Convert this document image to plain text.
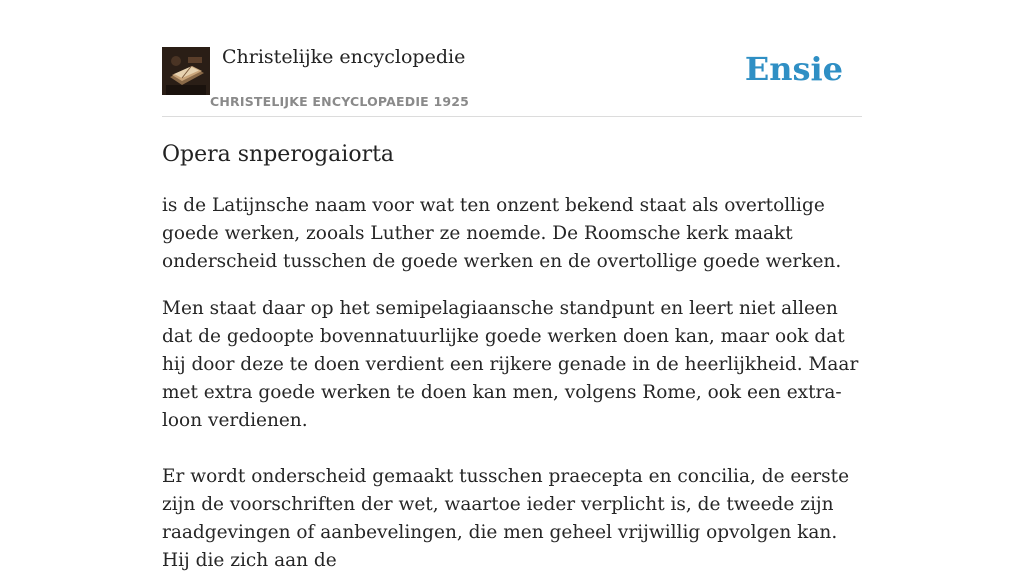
Christelijke encyclopedie
CHRISTELIJKE ENCYCLOPAEDIE 1925
Ensie
Opera snperogaiorta

is de Latijnsche naam voor wat ten onzent bekend staat als overtollige goede werken, zooals Luther ze noemde. De Roomsche kerk maakt onderscheid tusschen de goede werken en de overtollige goede werken.

Men staat daar op het semipelagiaansche standpunt en leert niet alleen dat de gedoopte bovennatuurlijke goede werken doen kan, maar ook dat hij door deze te doen verdient een rijkere genade in de heerlijkheid. Maar met extra goede werken te doen kan men, volgens Rome, ook een extra-loon verdienen.

Er wordt onderscheid gemaakt tusschen praecepta en concilia, de eerste zijn de voorschriften der wet, waartoe ieder verplicht is, de tweede zijn raadgevingen of aanbevelingen, die men geheel vrijwillig opvolgen kan. Hij die zich aan de
